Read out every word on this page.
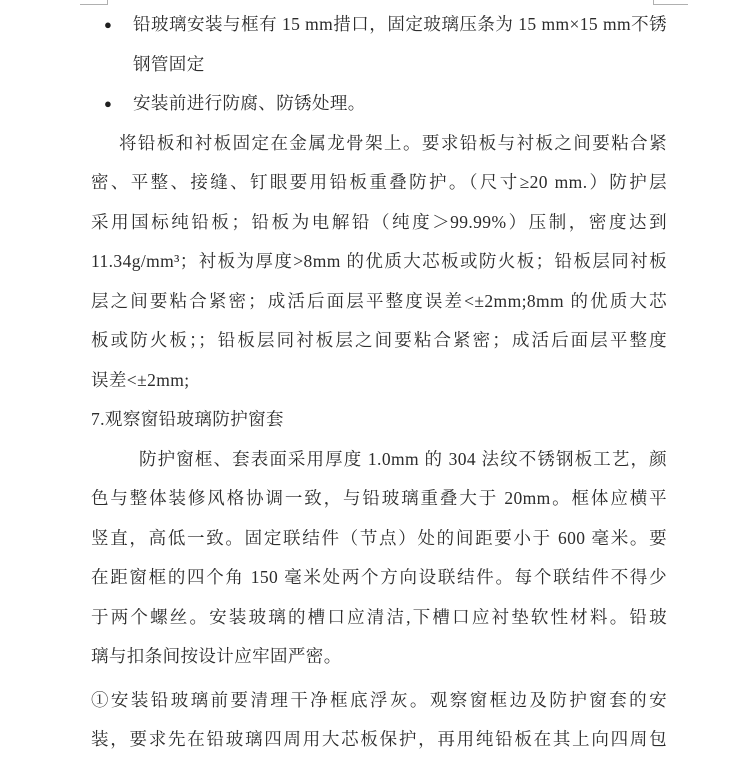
● 铅玻璃安装与框有 15 mm措口，固定玻璃压条为 15 mm×15 mm不锈
钢管固定
● 安装前进行防腐、防锈处理。
将铅板和衬板固定在金属龙骨架上。要求铅板与衬板之间要粘合紧
密、平整、接缝、钉眼要用铅板重叠防护。（尺寸≥20 mm.）防护层
采用国标纯铅板；铅板为电解铅（纯度＞99.99%）压制，密度达到
11.34g/mm³；衬板为厚度>8mm 的优质大芯板或防火板；铅板层同衬板
层之间要粘合紧密；成活后面层平整度误差<±2mm;8mm 的优质大芯
板或防火板；；铅板层同衬板层之间要粘合紧密；成活后面层平整度
误差<±2mm;
7.观察窗铅玻璃防护窗套
防护窗框、套表面采用厚度 1.0mm 的 304 法纹不锈钢板工艺，颜
色与整体装修风格协调一致，与铅玻璃重叠大于 20mm。框体应横平
竖直，高低一致。固定联结件（节点）处的间距要小于 600 毫米。要
在距窗框的四个角 150 毫米处两个方向设联结件。每个联结件不得少
于两个螺丝。安装玻璃的槽口应清洁,下槽口应衬垫软性材料。铅玻
璃与扣条间按设计应牢固严密。
①安装铅玻璃前要清理干净框底浮灰。观察窗框边及防护窗套的安
装，要求先在铅玻璃四周用大芯板保护，再用纯铅板在其上向四周包
